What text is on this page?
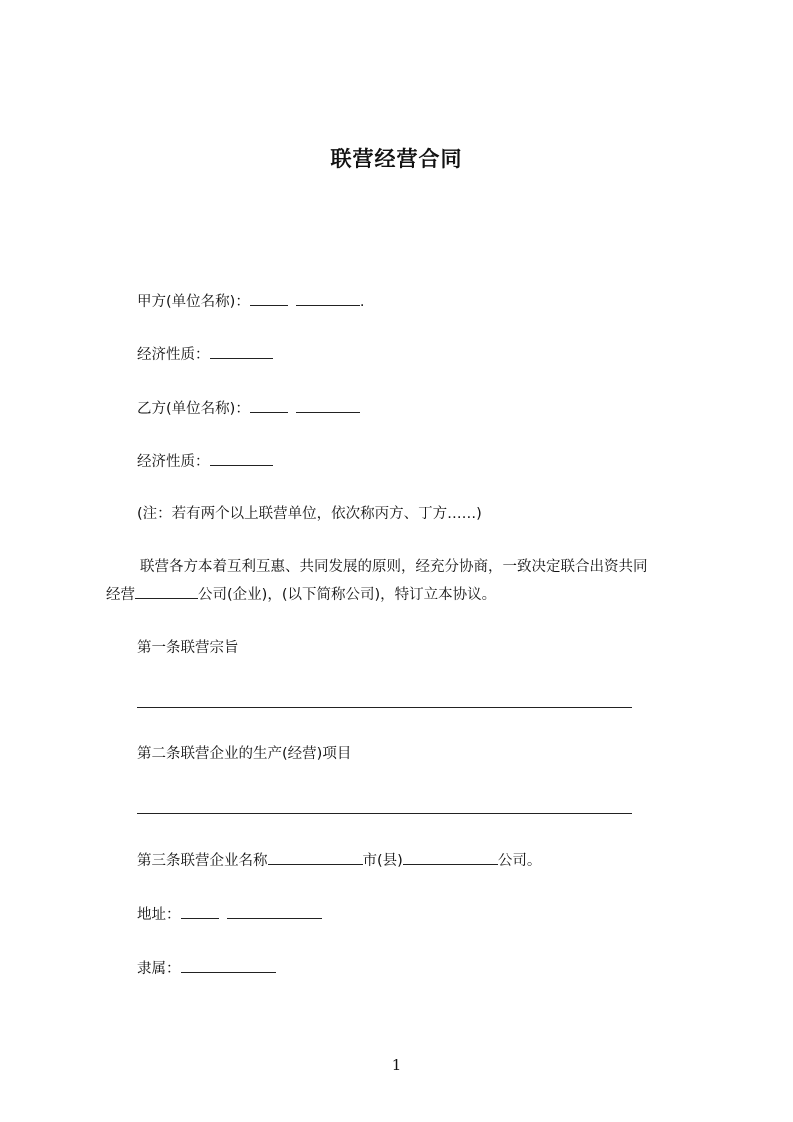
联营经营合同
甲方(单位名称)：	.
经济性质：
乙方(单位名称)：
经济性质：
(注：若有两个以上联营单位，依次称丙方、丁方……)
联营各方本着互利互惠、共同发展的原则，经充分协商，一致决定联合出资共同
经营	公司(企业)，(以下简称公司)，特订立本协议。
第一条联营宗旨
第二条联营企业的生产(经营)项目
第三条联营企业名称	市(县)	公司。
地址：
隶属：
1
